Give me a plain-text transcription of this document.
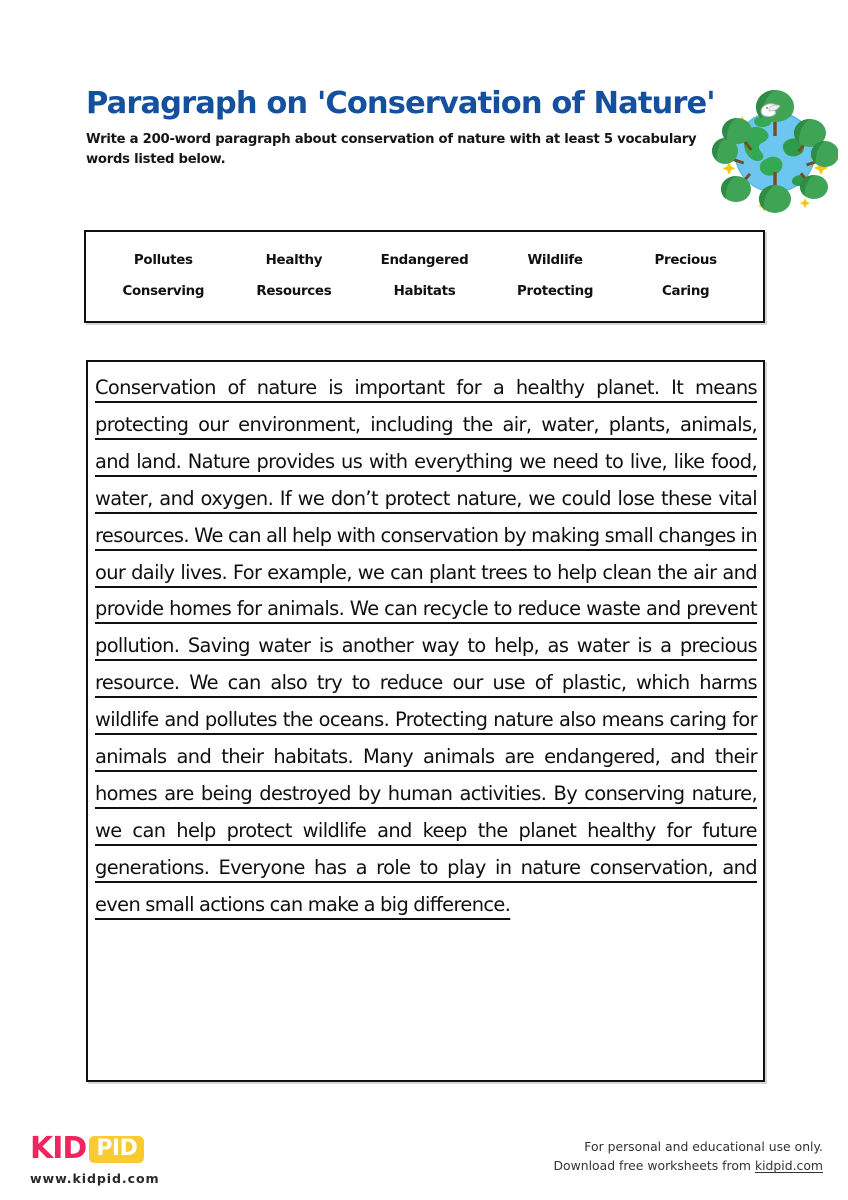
Paragraph on 'Conservation of Nature'

Write a 200-word paragraph about conservation of nature with at least 5 vocabulary words listed below.

Pollutes	Healthy	Endangered	Wildlife	Precious
Conserving	Resources	Habitats	Protecting	Caring

Conservation of nature is important for a healthy planet. It means protecting our environment, including the air, water, plants, animals, and land. Nature provides us with everything we need to live, like food, water, and oxygen. If we don’t protect nature, we could lose these vital resources. We can all help with conservation by making small changes in our daily lives. For example, we can plant trees to help clean the air and provide homes for animals. We can recycle to reduce waste and prevent pollution. Saving water is another way to help, as water is a precious resource. We can also try to reduce our use of plastic, which harms wildlife and pollutes the oceans. Protecting nature also means caring for animals and their habitats. Many animals are endangered, and their homes are being destroyed by human activities. By conserving nature, we can help protect wildlife and keep the planet healthy for future generations. Everyone has a role to play in nature conservation, and even small actions can make a big difference.

KID PID
www.kidpid.com
For personal and educational use only.
Download free worksheets from kidpid.com
